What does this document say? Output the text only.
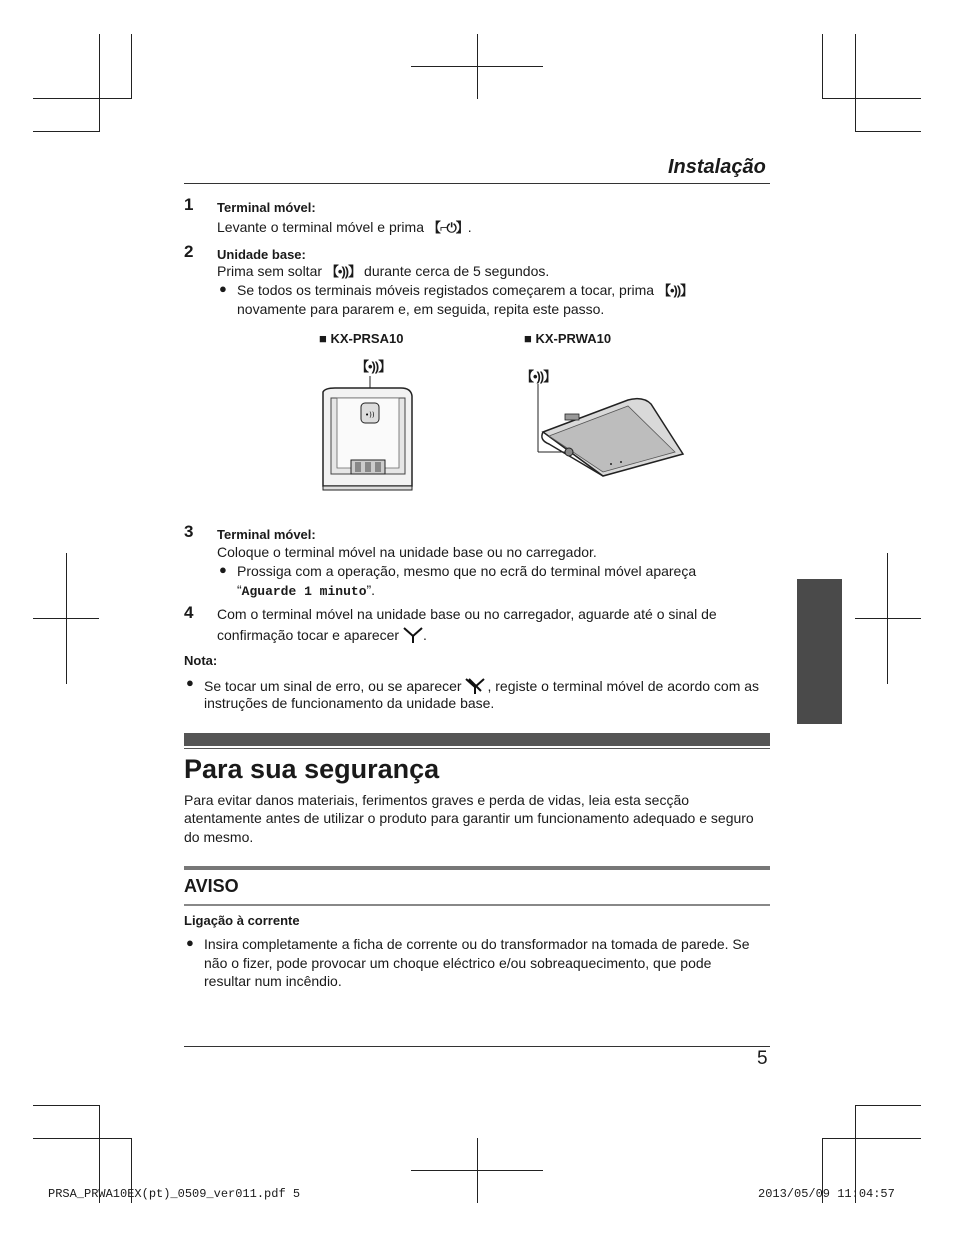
Instalação
1 Terminal móvel:
Levante o terminal móvel e prima 【⌐⏻】.
2 Unidade base:
Prima sem soltar 【•))】 durante cerca de 5 segundos.
● Se todos os terminais móveis registados começarem a tocar, prima 【•))】
novamente para pararem e, em seguida, repita este passo.
■ KX-PRSA10	■ KX-PRWA10
【•))】
【•))】
•))
3 Terminal móvel:
Coloque o terminal móvel na unidade base ou no carregador.
● Prossiga com a operação, mesmo que no ecrã do terminal móvel apareça
“Aguarde 1 minuto”.
4 Com o terminal móvel na unidade base ou no carregador, aguarde até o sinal de
confirmação tocar e aparecer .
Nota:
● Se tocar um sinal de erro, ou se aparecer , registe o terminal móvel de acordo com as
instruções de funcionamento da unidade base.
Para sua segurança
Para evitar danos materiais, ferimentos graves e perda de vidas, leia esta secção
atentamente antes de utilizar o produto para garantir um funcionamento adequado e seguro
do mesmo.
AVISO
Ligação à corrente
● Insira completamente a ficha de corrente ou do transformador na tomada de parede. Se
não o fizer, pode provocar um choque eléctrico e/ou sobreaquecimento, que pode
resultar num incêndio.
5
PRSA_PRWA10EX(pt)_0509_ver011.pdf 5	2013/05/09 11:04:57
